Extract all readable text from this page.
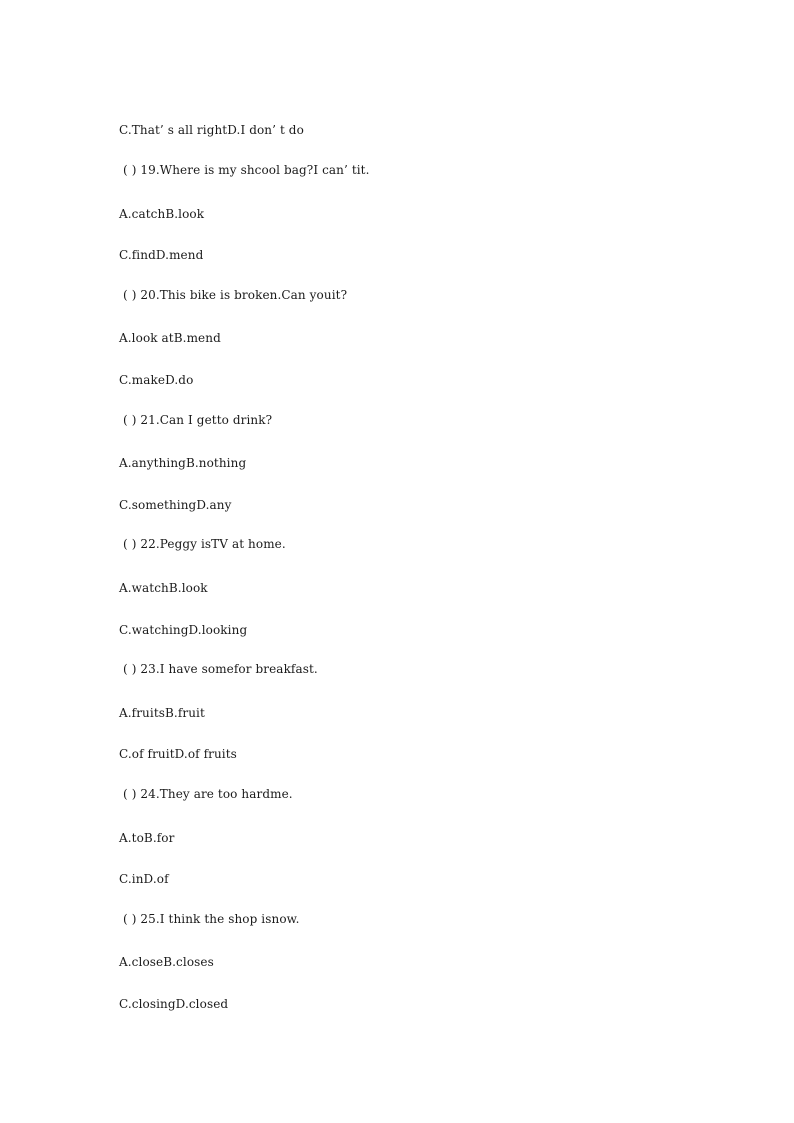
C.That’ s all rightD.I don’ t do

( ) 19.Where is my shcool bag?I can’ tit.

A.catchB.look

C.findD.mend

( ) 20.This bike is broken.Can youit?

A.look atB.mend

C.makeD.do

( ) 21.Can I getto drink?

A.anythingB.nothing

C.somethingD.any

( ) 22.Peggy isTV at home.

A.watchB.look

C.watchingD.looking

( ) 23.I have somefor breakfast.

A.fruitsB.fruit

C.of fruitD.of fruits

( ) 24.They are too hardme.

A.toB.for

C.inD.of

( ) 25.I think the shop isnow.

A.closeB.closes

C.closingD.closed
